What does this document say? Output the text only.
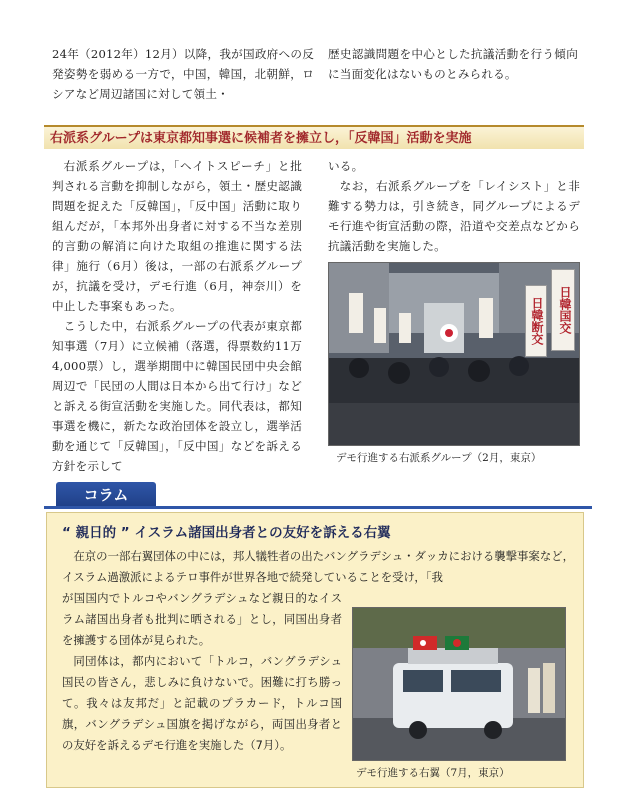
24年（2012年）12月）以降，我が国政府への反発姿勢を弱める一方で，中国，韓国，北朝鮮，ロシアなど周辺諸国に対して領土・

歴史認識問題を中心とした抗議活動を行う傾向に当面変化はないものとみられる。

右派系グループは東京都知事選に候補者を擁立し，「反韓国」活動を実施

右派系グループは，「ヘイトスピーチ」と批判される言動を抑制しながら，領土・歴史認識問題を捉えた「反韓国」，「反中国」活動に取り組んだが，「本邦外出身者に対する不当な差別的言動の解消に向けた取組の推進に関する法律」施行（6月）後は，一部の右派系グループが，抗議を受け，デモ行進（6月，神奈川）を中止した事案もあった。

こうした中，右派系グループの代表が東京都知事選（7月）に立候補（落選，得票数約11万4,000票）し，選挙期間中に韓国民団中央会館周辺で「民団の人間は日本から出て行け」などと訴える街宣活動を実施した。同代表は，都知事選を機に，新たな政治団体を設立し，選挙活動を通じて「反韓国」，「反中国」などを訴える方針を示して

いる。

なお，右派系グループを「レイシスト」と非難する勢力は，引き続き，同グループによるデモ行進や街宣活動の際，沿道や交差点などから抗議活動を実施した。

日韓国交
日韓断交
デモ行進する右派系グループ（2月，東京）
コラム
“ 親日的 ” イスラム諸国出身者との友好を訴える右翼

在京の一部右翼団体の中には，邦人犠牲者の出たバングラデシュ・ダッカにおける襲撃事案など，イスラム過激派によるテロ事件が世界各地で続発していることを受け，「我

が国国内でトルコやバングラデシュなど親日的なイスラム諸国出身者も批判に晒される」とし，同国出身者を擁護する団体が見られた。

同団体は，都内において「トルコ，バングラデシュ国民の皆さん，悲しみに負けないで。困難に打ち勝って。我々は友邦だ」と記載のプラカード，トルコ国旗，バングラデシュ国旗を掲げながら，両国出身者との友好を訴えるデモ行進を実施した（7月）。

デモ行進する右翼（7月，東京）
